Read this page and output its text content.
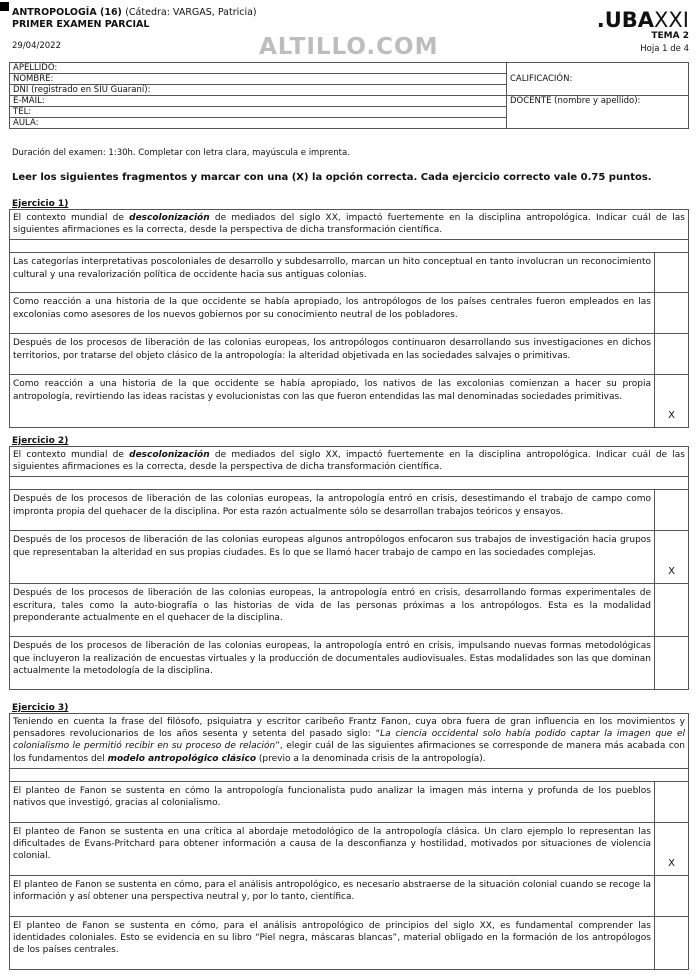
ANTROPOLOGÍA (16) (Cátedra: VARGAS, Patricia)
PRIMER EXAMEN PARCIAL
29/04/2022	ALTILLO.COM
.UBAXXI
TEMA 2
Hoja 1 de 4
APELLIDO:	CALIFICACIÓN:
NOMBRE:	
DNI (registrado en SIU Guaraní):	
E-MAIL:	DOCENTE (nombre y apellido):
TEL:	
AULA:	
Duración del examen: 1:30h. Completar con letra clara, mayúscula e imprenta.
Leer los siguientes fragmentos y marcar con una (X) la opción correcta. Cada ejercicio correcto vale 0.75 puntos.
Ejercicio 1)
El contexto mundial de descolonización de mediados del siglo XX, impactó fuertemente en la disciplina antropológica. Indicar cuál de las siguientes afirmaciones es la correcta, desde la perspectiva de dicha transformación científica.
Las categorías interpretativas poscoloniales de desarrollo y subdesarrollo, marcan un hito conceptual en tanto involucran un reconocimiento cultural y una revalorización política de occidente hacia sus antiguas colonias.
Como reacción a una historia de la que occidente se había apropiado, los antropólogos de los países centrales fueron empleados en las excolonias como asesores de los nuevos gobiernos por su conocimiento neutral de los pobladores.
Después de los procesos de liberación de las colonias europeas, los antropólogos continuaron desarrollando sus investigaciones en dichos territorios, por tratarse del objeto clásico de la antropología: la alteridad objetivada en las sociedades salvajes o primitivas.
Como reacción a una historia de la que occidente se había apropiado, los nativos de las excolonias comienzan a hacer su propia antropología, revirtiendo las ideas racistas y evolucionistas con las que fueron entendidas las mal denominadas sociedades primitivas.
X
Ejercicio 2)
El contexto mundial de descolonización de mediados del siglo XX, impactó fuertemente en la disciplina antropológica. Indicar cuál de las siguientes afirmaciones es la correcta, desde la perspectiva de dicha transformación científica.
Después de los procesos de liberación de las colonias europeas, la antropología entró en crisis, desestimando el trabajo de campo como impronta propia del quehacer de la disciplina. Por esta razón actualmente sólo se desarrollan trabajos teóricos y ensayos.
Después de los procesos de liberación de las colonias europeas algunos antropólogos enfocaron sus trabajos de investigación hacia grupos que representaban la alteridad en sus propias ciudades. Es lo que se llamó hacer trabajo de campo en las sociedades complejas.
X
Después de los procesos de liberación de las colonias europeas, la antropología entró en crisis, desarrollando formas experimentales de escritura, tales como la auto-biografía o las historias de vida de las personas próximas a los antropólogos. Esta es la modalidad preponderante actualmente en el quehacer de la disciplina.
Después de los procesos de liberación de las colonias europeas, la antropología entró en crisis, impulsando nuevas formas metodológicas que incluyeron la realización de encuestas virtuales y la producción de documentales audiovisuales. Estas modalidades son las que dominan actualmente la metodología de la disciplina.
Ejercicio 3)
Teniendo en cuenta la frase del filósofo, psiquiatra y escritor caribeño Frantz Fanon, cuya obra fuera de gran influencia en los movimientos y pensadores revolucionarios de los años sesenta y setenta del pasado siglo: “La ciencia occidental solo había podido captar la imagen que el colonialismo le permitió recibir en su proceso de relación”, elegir cuál de las siguientes afirmaciones se corresponde de manera más acabada con los fundamentos del modelo antropológico clásico (previo a la denominada crisis de la antropología).
El planteo de Fanon se sustenta en cómo la antropología funcionalista pudo analizar la imagen más interna y profunda de los pueblos nativos que investigó, gracias al colonialismo.
El planteo de Fanon se sustenta en una crítica al abordaje metodológico de la antropología clásica. Un claro ejemplo lo representan las dificultades de Evans-Pritchard para obtener información a causa de la desconfianza y hostilidad, motivados por situaciones de violencia colonial.
X
El planteo de Fanon se sustenta en cómo, para el análisis antropológico, es necesario abstraerse de la situación colonial cuando se recoge la información y así obtener una perspectiva neutral y, por lo tanto, científica.
El planteo de Fanon se sustenta en cómo, para el análisis antropológico de principios del siglo XX, es fundamental comprender las identidades coloniales. Esto se evidencia en su libro “Piel negra, máscaras blancas”, material obligado en la formación de los antropólogos de los países centrales.
